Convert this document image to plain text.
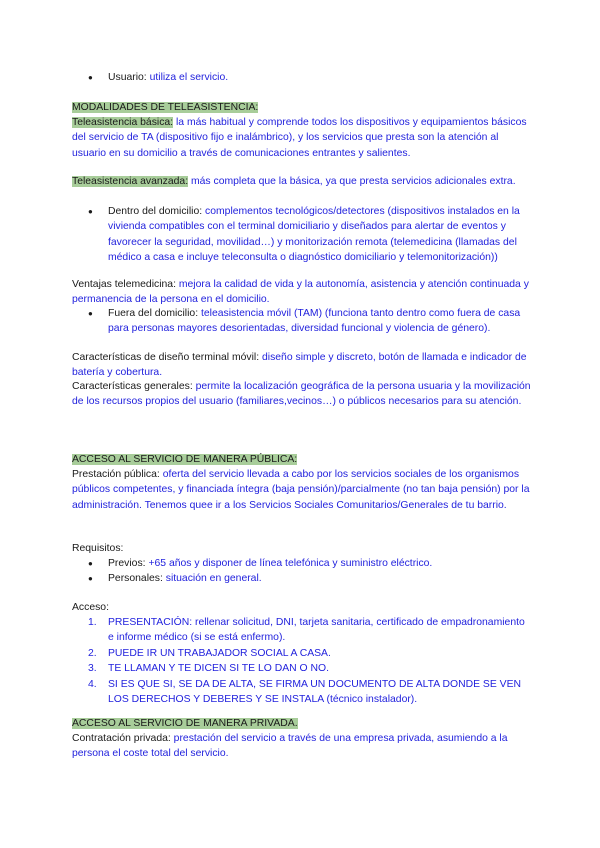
● Usuario: utiliza el servicio.

MODALIDADES DE TELEASISTENCIA:

Teleasistencia básica: la más habitual y comprende todos los dispositivos y equipamientos básicos del servicio de TA (dispositivo fijo e inalámbrico), y los servicios que presta son la atención al usuario en su domicilio a través de comunicaciones entrantes y salientes.

Teleasistencia avanzada: más completa que la básica, ya que presta servicios adicionales extra.

● Dentro del domicilio: complementos tecnológicos/detectores (dispositivos instalados en la vivienda compatibles con el terminal domiciliario y diseñados para alertar de eventos y favorecer la seguridad, movilidad…) y monitorización remota (telemedicina (llamadas del médico a casa e incluye teleconsulta o diagnóstico domiciliario y telemonitorización))

Ventajas telemedicina: mejora la calidad de vida y la autonomía, asistencia y atención continuada y permanencia de la persona en el domicilio.

● Fuera del domicilio: teleasistencia móvil (TAM) (funciona tanto dentro como fuera de casa para personas mayores desorientadas, diversidad funcional y violencia de género).

Características de diseño terminal móvil: diseño simple y discreto, botón de llamada e indicador de batería y cobertura.

Características generales: permite la localización geográfica de la persona usuaria y la movilización de los recursos propios del usuario (familiares,vecinos…) o públicos necesarios para su atención.

ACCESO AL SERVICIO DE MANERA PÚBLICA:

Prestación pública: oferta del servicio llevada a cabo por los servicios sociales de los organismos públicos competentes, y financiada íntegra (baja pensión)/parcialmente (no tan baja pensión) por la administración. Tenemos quee ir a los Servicios Sociales Comunitarios/Generales de tu barrio.

Requisitos:

● Previos: +65 años y disponer de línea telefónica y suministro eléctrico.
● Personales: situación en general.

Acceso:

1. PRESENTACIÓN: rellenar solicitud, DNI, tarjeta sanitaria, certificado de empadronamiento e informe médico (si se está enfermo).
2. PUEDE IR UN TRABAJADOR SOCIAL A CASA.
3. TE LLAMAN Y TE DICEN SI TE LO DAN O NO.
4. SI ES QUE SI, SE DA DE ALTA, SE FIRMA UN DOCUMENTO DE ALTA DONDE SE VEN LOS DERECHOS Y DEBERES Y SE INSTALA (técnico instalador).

ACCESO AL SERVICIO DE MANERA PRIVADA.

Contratación privada: prestación del servicio a través de una empresa privada, asumiendo a la persona el coste total del servicio.
